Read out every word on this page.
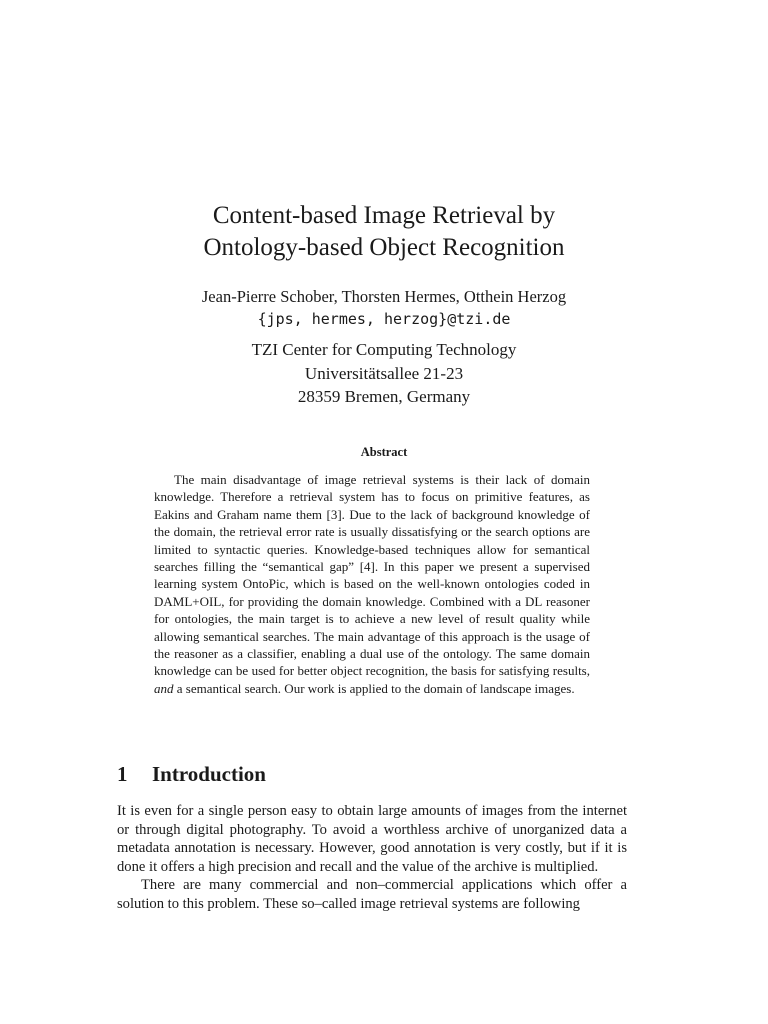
Content-based Image Retrieval by
Ontology-based Object Recognition
Jean-Pierre Schober, Thorsten Hermes, Otthein Herzog
{jps, hermes, herzog}@tzi.de
TZI Center for Computing Technology
Universitätsallee 21-23
28359 Bremen, Germany
Abstract
The main disadvantage of image retrieval systems is their lack of domain knowledge. Therefore a retrieval system has to focus on primitive features, as Eakins and Graham name them [3]. Due to the lack of background knowledge of the domain, the retrieval error rate is usually dissatisfying or the search options are limited to syntactic queries. Knowledge-based techniques allow for semantical searches filling the “semantical gap” [4]. In this paper we present a supervised learning system OntoPic, which is based on the well-known ontologies coded in DAML+OIL, for providing the domain knowledge. Combined with a DL reasoner for ontologies, the main target is to achieve a new level of result quality while allowing semantical searches. The main advantage of this approach is the usage of the reasoner as a classifier, enabling a dual use of the ontology. The same domain knowledge can be used for better object recognition, the basis for satisfying results, and a semantical search. Our work is applied to the domain of landscape images.
1 Introduction

It is even for a single person easy to obtain large amounts of images from the internet or through digital photography. To avoid a worthless archive of unorganized data a metadata annotation is necessary. However, good annotation is very costly, but if it is done it offers a high precision and recall and the value of the archive is multiplied.

There are many commercial and non–commercial applications which offer a solution to this problem. These so–called image retrieval systems are following
